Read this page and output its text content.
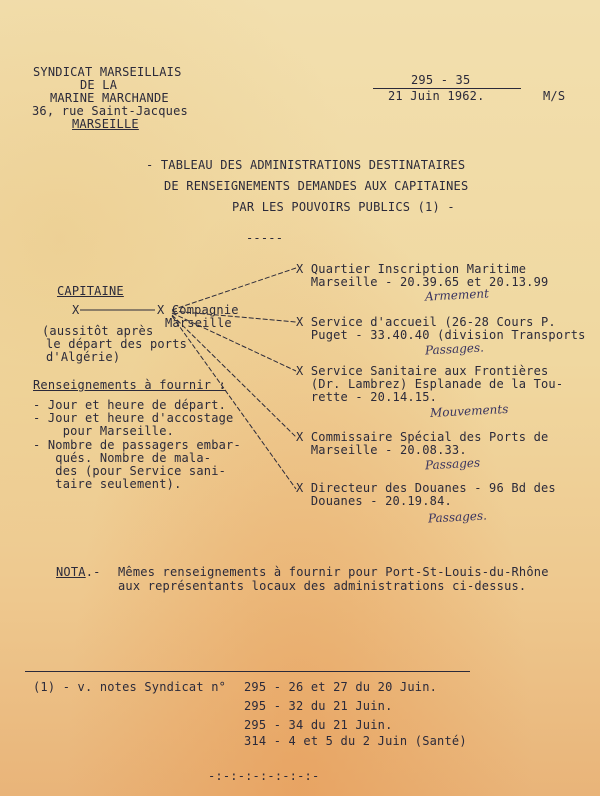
SYNDICAT MARSEILLAIS
DE LA
MARINE MARCHANDE
36, rue Saint-Jacques
MARSEILLE
295 - 35
21 Juin 1962.	M/S
- TABLEAU DES ADMINISTRATIONS DESTINATAIRES
DE RENSEIGNEMENTS DEMANDES AUX CAPITAINES
PAR LES POUVOIRS PUBLICS (1) -
-----
CAPITAINE
X	X Compagnie
Marseille
(aussitôt après
le départ des ports
d'Algérie)
Renseignements à fournir :
- Jour et heure de départ.
- Jour et heure d'accostage
pour Marseille.
- Nombre de passagers embar-
qués. Nombre de mala-
des (pour Service sani-
taire seulement).
X Quartier Inscription Maritime
Marseille - 20.39.65 et 20.13.99
Armement
X Service d'accueil (26-28 Cours P.
Puget - 33.40.40 (division Transports
Passages.
X Service Sanitaire aux Frontières
(Dr. Lambrez) Esplanade de la Tou-
rette - 20.14.15.
Mouvements
X Commissaire Spécial des Ports de
Marseille - 20.08.33.
Passages
X Directeur des Douanes - 96 Bd des
Douanes - 20.19.84.
Passages.
NOTA.- Mêmes renseignements à fournir pour Port-St-Louis-du-Rhône
aux représentants locaux des administrations ci-dessus.
(1) - v. notes Syndicat n° 295 - 26 et 27 du 20 Juin.
295 - 32 du 21 Juin.
295 - 34 du 21 Juin.
314 - 4 et 5 du 2 Juin (Santé)
-:-:-:-:-:-:-:-
